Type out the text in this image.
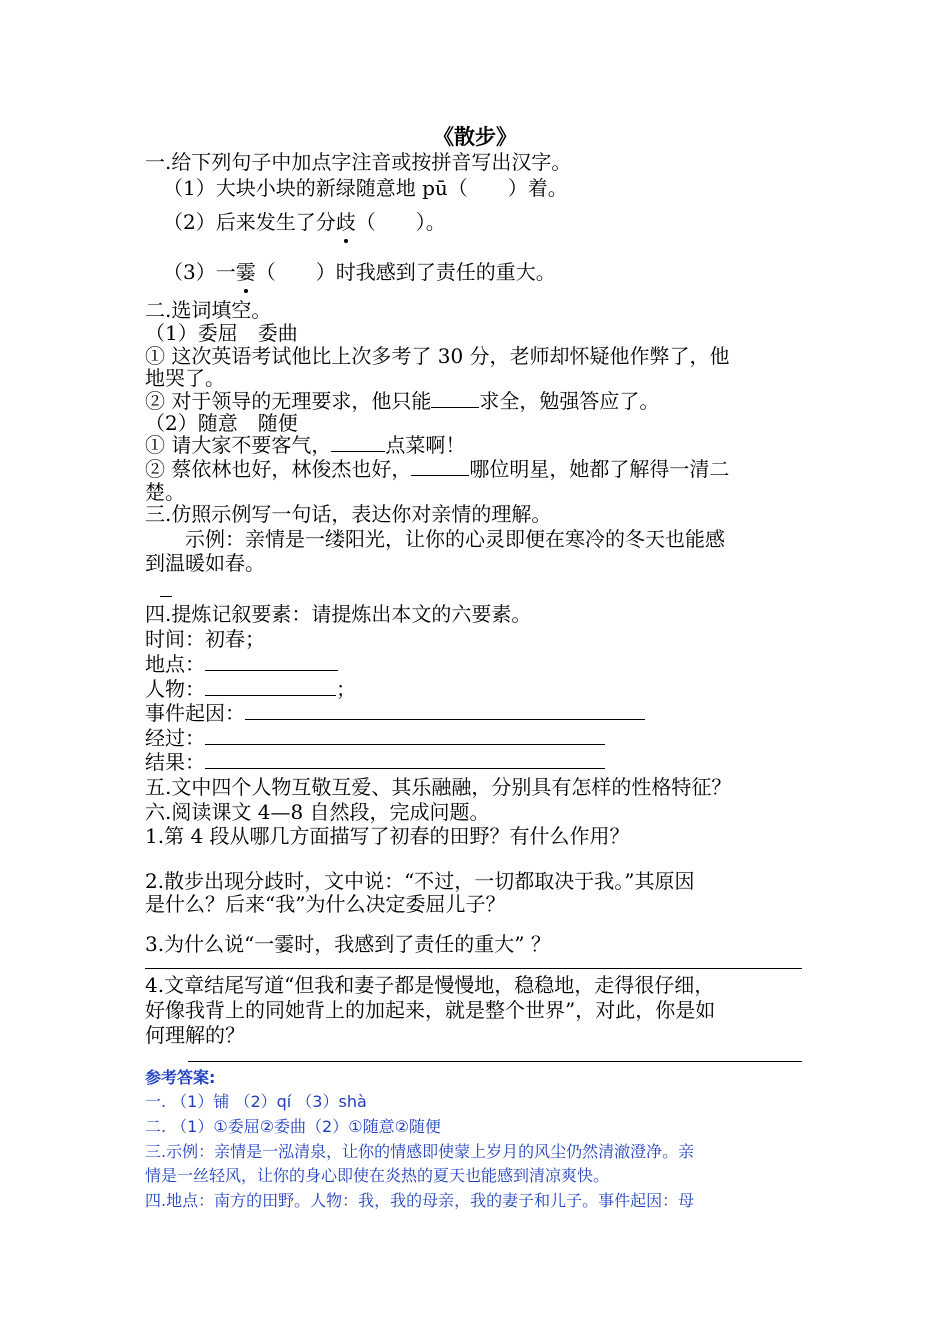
《散步》
一.给下列句子中加点字注音或按拼音写出汉字。
（1）大块小块的新绿随意地 pū（　　）着。
（2）后来发生了分歧（　　）。
（3）一霎（　　）时我感到了责任的重大。
二.选词填空。
（1）委屈　委曲
① 这次英语考试他比上次多考了 30 分，老师却怀疑他作弊了，他
地哭了。
② 对于领导的无理要求，他只能 求全，勉强答应了。
（2）随意　随便
① 请大家不要客气，	点菜啊！
② 蔡依林也好，林俊杰也好，	哪位明星，她都了解得一清二
楚。
三.仿照示例写一句话，表达你对亲情的理解。
　　示例：亲情是一缕阳光，让你的心灵即便在寒冷的冬天也能感
到温暖如春。
四.提炼记叙要素：请提炼出本文的六要素。
时间：初春；
地点：
人物：	；
事件起因：
经过：
结果：
五.文中四个人物互敬互爱、其乐融融，分别具有怎样的性格特征？
六.阅读课文 4—8 自然段，完成问题。
1.第 4 段从哪几方面描写了初春的田野？有什么作用？
2.散步出现分歧时，文中说：“不过，一切都取决于我。”其原因
是什么？后来“我”为什么决定委屈儿子？
3.为什么说“一霎时，我感到了责任的重大” ？
4.文章结尾写道“但我和妻子都是慢慢地，稳稳地，走得很仔细，
好像我背上的同她背上的加起来，就是整个世界”，对此，你是如
何理解的？
参考答案:
一. （1）铺 （2）qí （3）shà
二. （1）①委屈②委曲（2）①随意②随便
三.示例：亲情是一泓清泉，让你的情感即使蒙上岁月的风尘仍然清澈澄净。亲
情是一丝轻风，让你的身心即使在炎热的夏天也能感到清凉爽快。
四.地点：南方的田野。人物：我，我的母亲，我的妻子和儿子。事件起因：母
